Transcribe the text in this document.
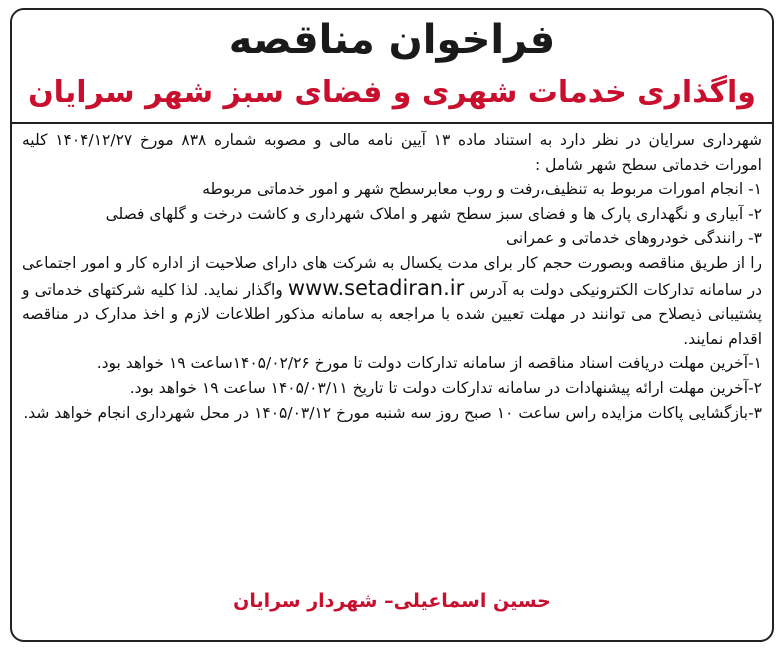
فراخوان مناقصه
واگذاری خدمات شهری و فضای سبز شهر سرایان

شهرداری سرایان در نظر دارد به استناد ماده ۱۳ آیین نامه مالی و مصوبه شماره ۸۳۸ مورخ ۱۴۰۴/۱۲/۲۷ کلیه امورات خدماتی سطح شهر شامل :

۱- انجام امورات مربوط به تنظیف،رفت و روب معابرسطح شهر و امور خدماتی مربوطه

۲- آبیاری و نگهداری پارک ها و فضای سبز سطح شهر و املاک شهرداری و کاشت درخت و گلهای فصلی

۳- رانندگی خودروهای خدماتی و عمرانی

را از طریق مناقصه وبصورت حجم کار برای مدت یکسال به شرکت های دارای صلاحیت از اداره کار و امور اجتماعی در سامانه تدارکات الکترونیکی دولت به آدرس www.setadiran.ir واگذار نماید. لذا کلیه شرکتهای خدماتی و پشتیبانی ذیصلاح می توانند در مهلت تعیین شده با مراجعه به سامانه مذکور اطلاعات لازم و اخذ مدارک در مناقصه اقدام نمایند.

۱-آخرین مهلت دریافت اسناد مناقصه از سامانه تدارکات دولت تا مورخ ۱۴۰۵/۰۲/۲۶ساعت ۱۹ خواهد بود.

۲-آخرین مهلت ارائه پیشنهادات در سامانه تدارکات دولت تا تاریخ ۱۴۰۵/۰۳/۱۱ ساعت ۱۹ خواهد بود.

۳-بازگشایی پاکات مزایده راس ساعت ۱۰ صبح روز سه شنبه مورخ ۱۴۰۵/۰۳/۱۲ در محل شهرداری انجام خواهد شد.

حسین اسماعیلی– شهردار سرایان
